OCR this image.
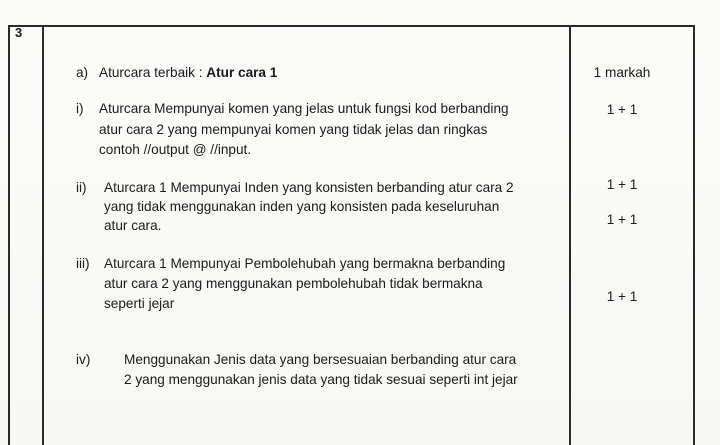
3
a) Aturcara terbaik : Atur cara 1	1 markah
i) Aturcara Mempunyai komen yang jelas untuk fungsi kod berbanding
atur cara 2 yang mempunyai komen yang tidak jelas dan ringkas
contoh //output @ //input.
1 + 1
ii) Aturcara 1 Mempunyai Inden yang konsisten berbanding atur cara 2
yang tidak menggunakan inden yang konsisten pada keseluruhan
atur cara.
1 + 1
1 + 1
iii) Aturcara 1 Mempunyai Pembolehubah yang bermakna berbanding
atur cara 2 yang menggunakan pembolehubah tidak bermakna
seperti jejar	1 + 1
iv) Menggunakan Jenis data yang bersesuaian berbanding atur cara
2 yang menggunakan jenis data yang tidak sesuai seperti int jejar
